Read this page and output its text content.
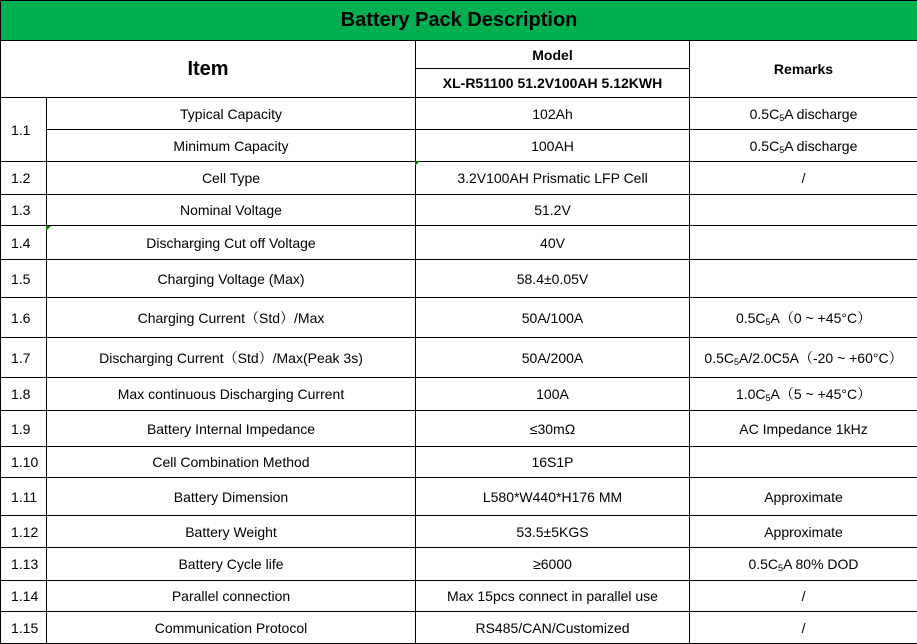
Battery Pack Description			
Item		Model	Remarks
		XL-R51100 51.2V100AH 5.12KWH	
1.1	Typical Capacity	102Ah	$0.5C_5A$ discharge
	Minimum Capacity	100AH	$0.5C_5A$ discharge
1.2	Cell Type	3.2V100AH Prismatic LFP Cell	/
1.3	Nominal Voltage	51.2V	
1.4	Discharging Cut off Voltage	40V	
1.5	Charging Voltage (Max)	58.4±0.05V	
1.6	Charging Current（Std）/Max	50A/100A	$0.5C_5A(0$ ~ +45°C）
1.7	Discharging Current（Std）/Max(Peak 3s)	50A/200A	$0.5C_5A/2.0C5A(-20$ ~ +60°C）
1.8	Max continuous Discharging Current	100A	$1.0C_5A(5$ ~ +45°C）
1.9	Battery Internal Impedance	≤30mΩ	AC Impedance 1kHz
1.10	Cell Combination Method	16S1P	
1.11	Battery Dimension	L580*W440*H176 MM	Approximate
1.12	Battery Weight	53.5±5KGS	Approximate
1.13	Battery Cycle life	≥6000	$0.5C_5A$ 80% DOD
1.14	Parallel connection	Max 15pcs connect in parallel use	/
1.15	Communication Protocol	RS485/CAN/Customized	/
